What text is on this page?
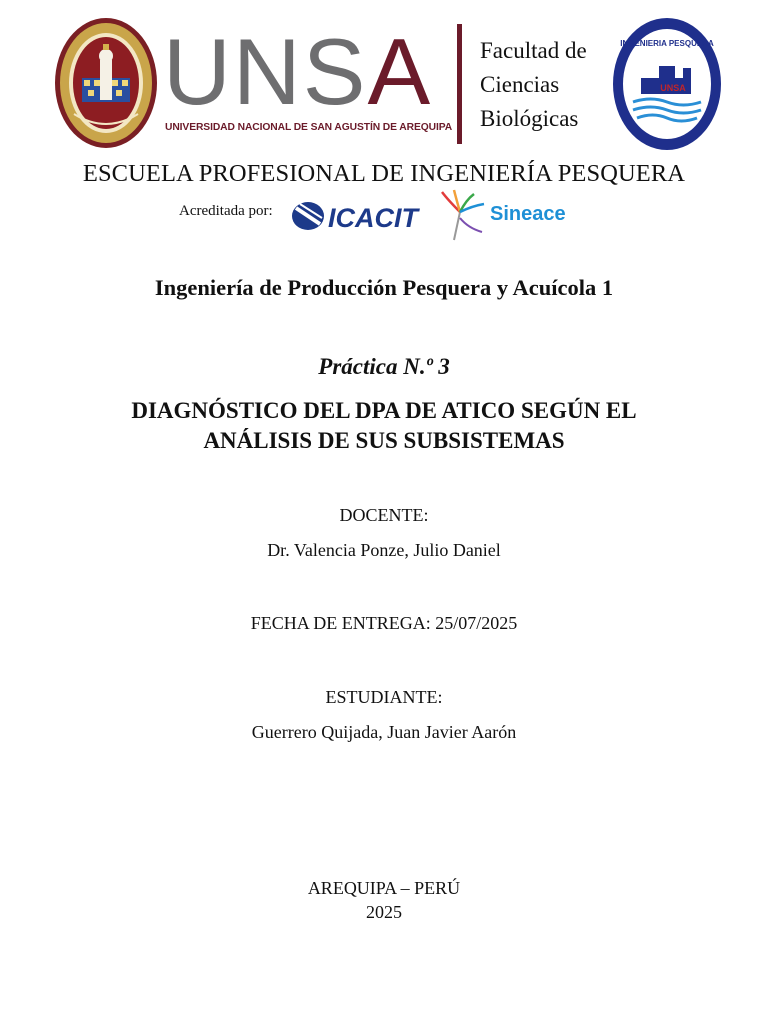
UNSA
UNIVERSIDAD NACIONAL DE SAN AGUSTÍN DE AREQUIPA
Facultad de
Ciencias
Biológicas
INGENIERIA PESQUERA
UNSA
ESCUELA PROFESIONAL DE INGENIERÍA PESQUERA
Acreditada por: ICACIT	Sineace
Ingeniería de Producción Pesquera y Acuícola 1
Práctica N.º 3
DIAGNÓSTICO DEL DPA DE ATICO SEGÚN EL
ANÁLISIS DE SUS SUBSISTEMAS
DOCENTE:
Dr. Valencia Ponze, Julio Daniel
FECHA DE ENTREGA: 25/07/2025
ESTUDIANTE:
Guerrero Quijada, Juan Javier Aarón
AREQUIPA – PERÚ
2025
